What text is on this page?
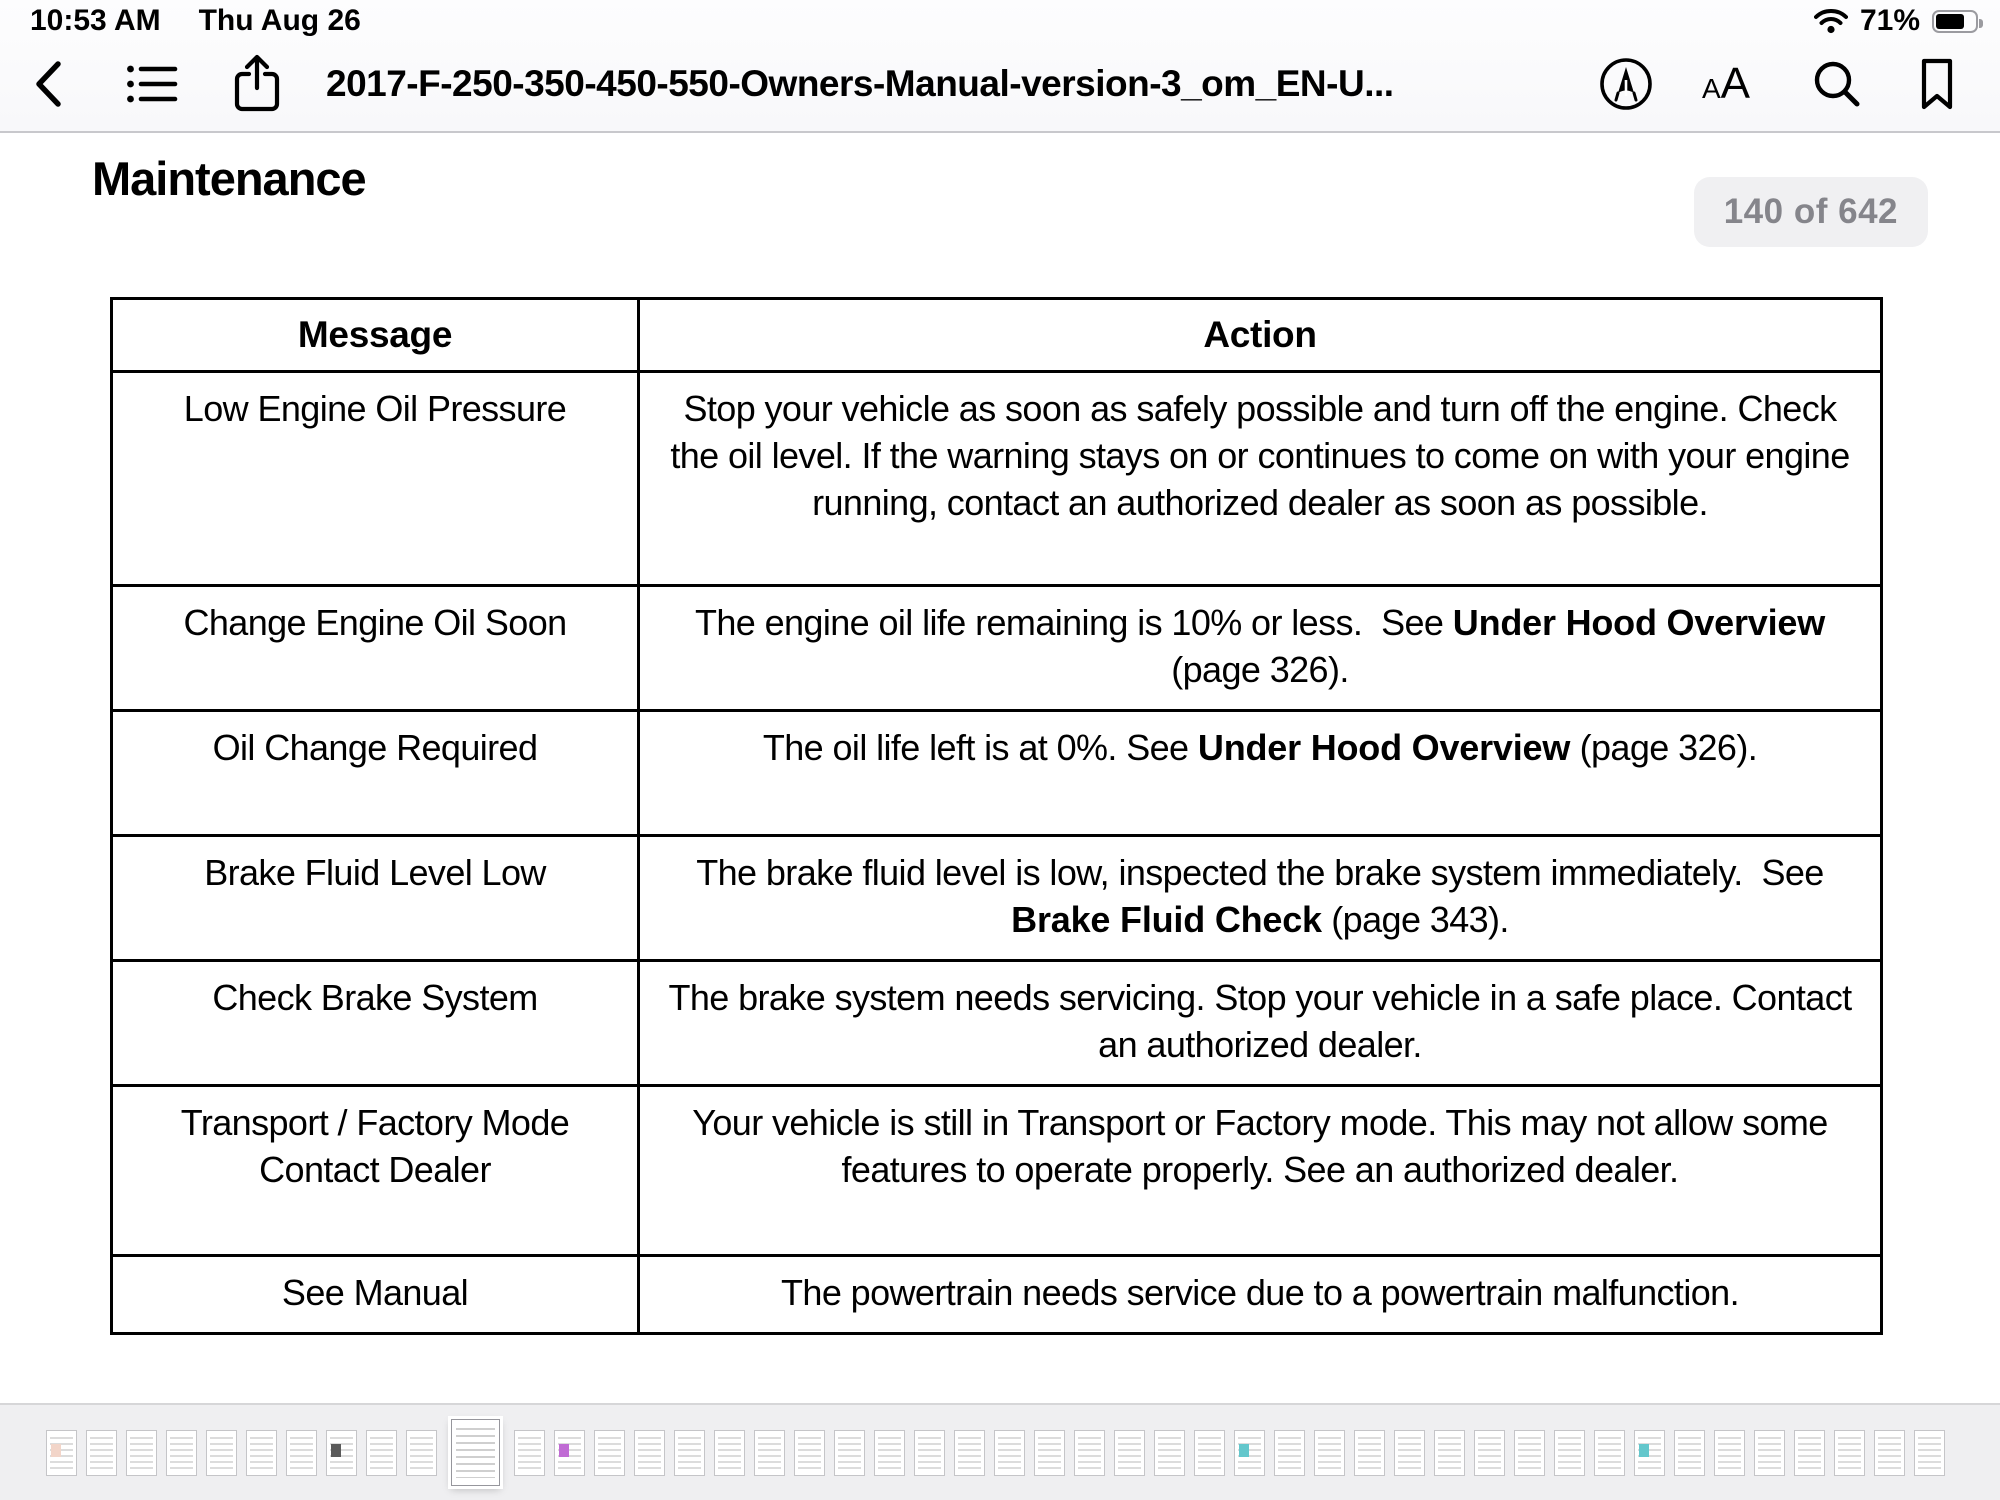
10:53 AM Thu Aug 26	71%
2017-F-250-350-450-550-Owners-Manual-version-3_om_EN-U...	A A
Maintenance
140 of 642
Message	Action
Low Engine Oil Pressure	Stop your vehicle as soon as safely possible and turn off the engine. Check the oil level. If the warning stays on or continues to come on with your engine running, contact an authorized dealer as soon as possible.
Change Engine Oil Soon	The engine oil life remaining is 10% or less.  See Under Hood Overview (page 326).
Oil Change Required	The oil life left is at 0%. See Under Hood Overview (page 326).
Brake Fluid Level Low	The brake fluid level is low, inspected the brake system immediately.  See Brake Fluid Check (page 343).
Check Brake System	The brake system needs servicing. Stop your vehicle in a safe place. Contact an authorized dealer.
Transport / Factory Mode Contact Dealer	Your vehicle is still in Transport or Factory mode. This may not allow some features to operate properly. See an authorized dealer.
See Manual	The powertrain needs service due to a powertrain malfunction.
